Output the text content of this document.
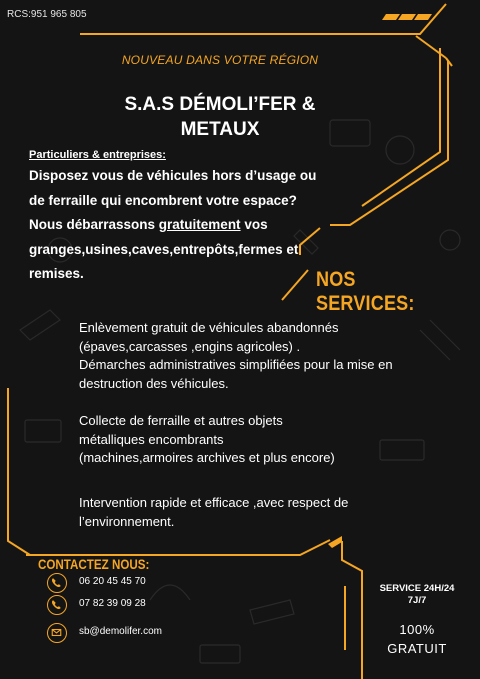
RCS:951 965 805
NOUVEAU DANS VOTRE RÉGION
S.A.S DÉMOLI’FER &
METAUX
Particuliers & entreprises:
Disposez vous de véhicules hors d’usage ou
de ferraille qui encombrent votre espace?
Nous débarrassons gratuitement vos
granges,usines,caves,entrepôts,fermes et
remises.	NOS SERVICES:
Enlèvement gratuit de véhicules abandonnés
(épaves,carcasses ,engins agricoles) .
Démarches administratives simplifiées pour la mise en
destruction des véhicules.
Collecte de ferraille et autres objets
métalliques encombrants
(machines,armoires archives et plus encore)
Intervention rapide et efficace ,avec respect de
l’environnement.
CONTACTEZ NOUS:
06 20 45 45 70
07 82 39 09 28
sb@demolifer.com
SERVICE 24H/24
7J/7
100%
GRATUIT
